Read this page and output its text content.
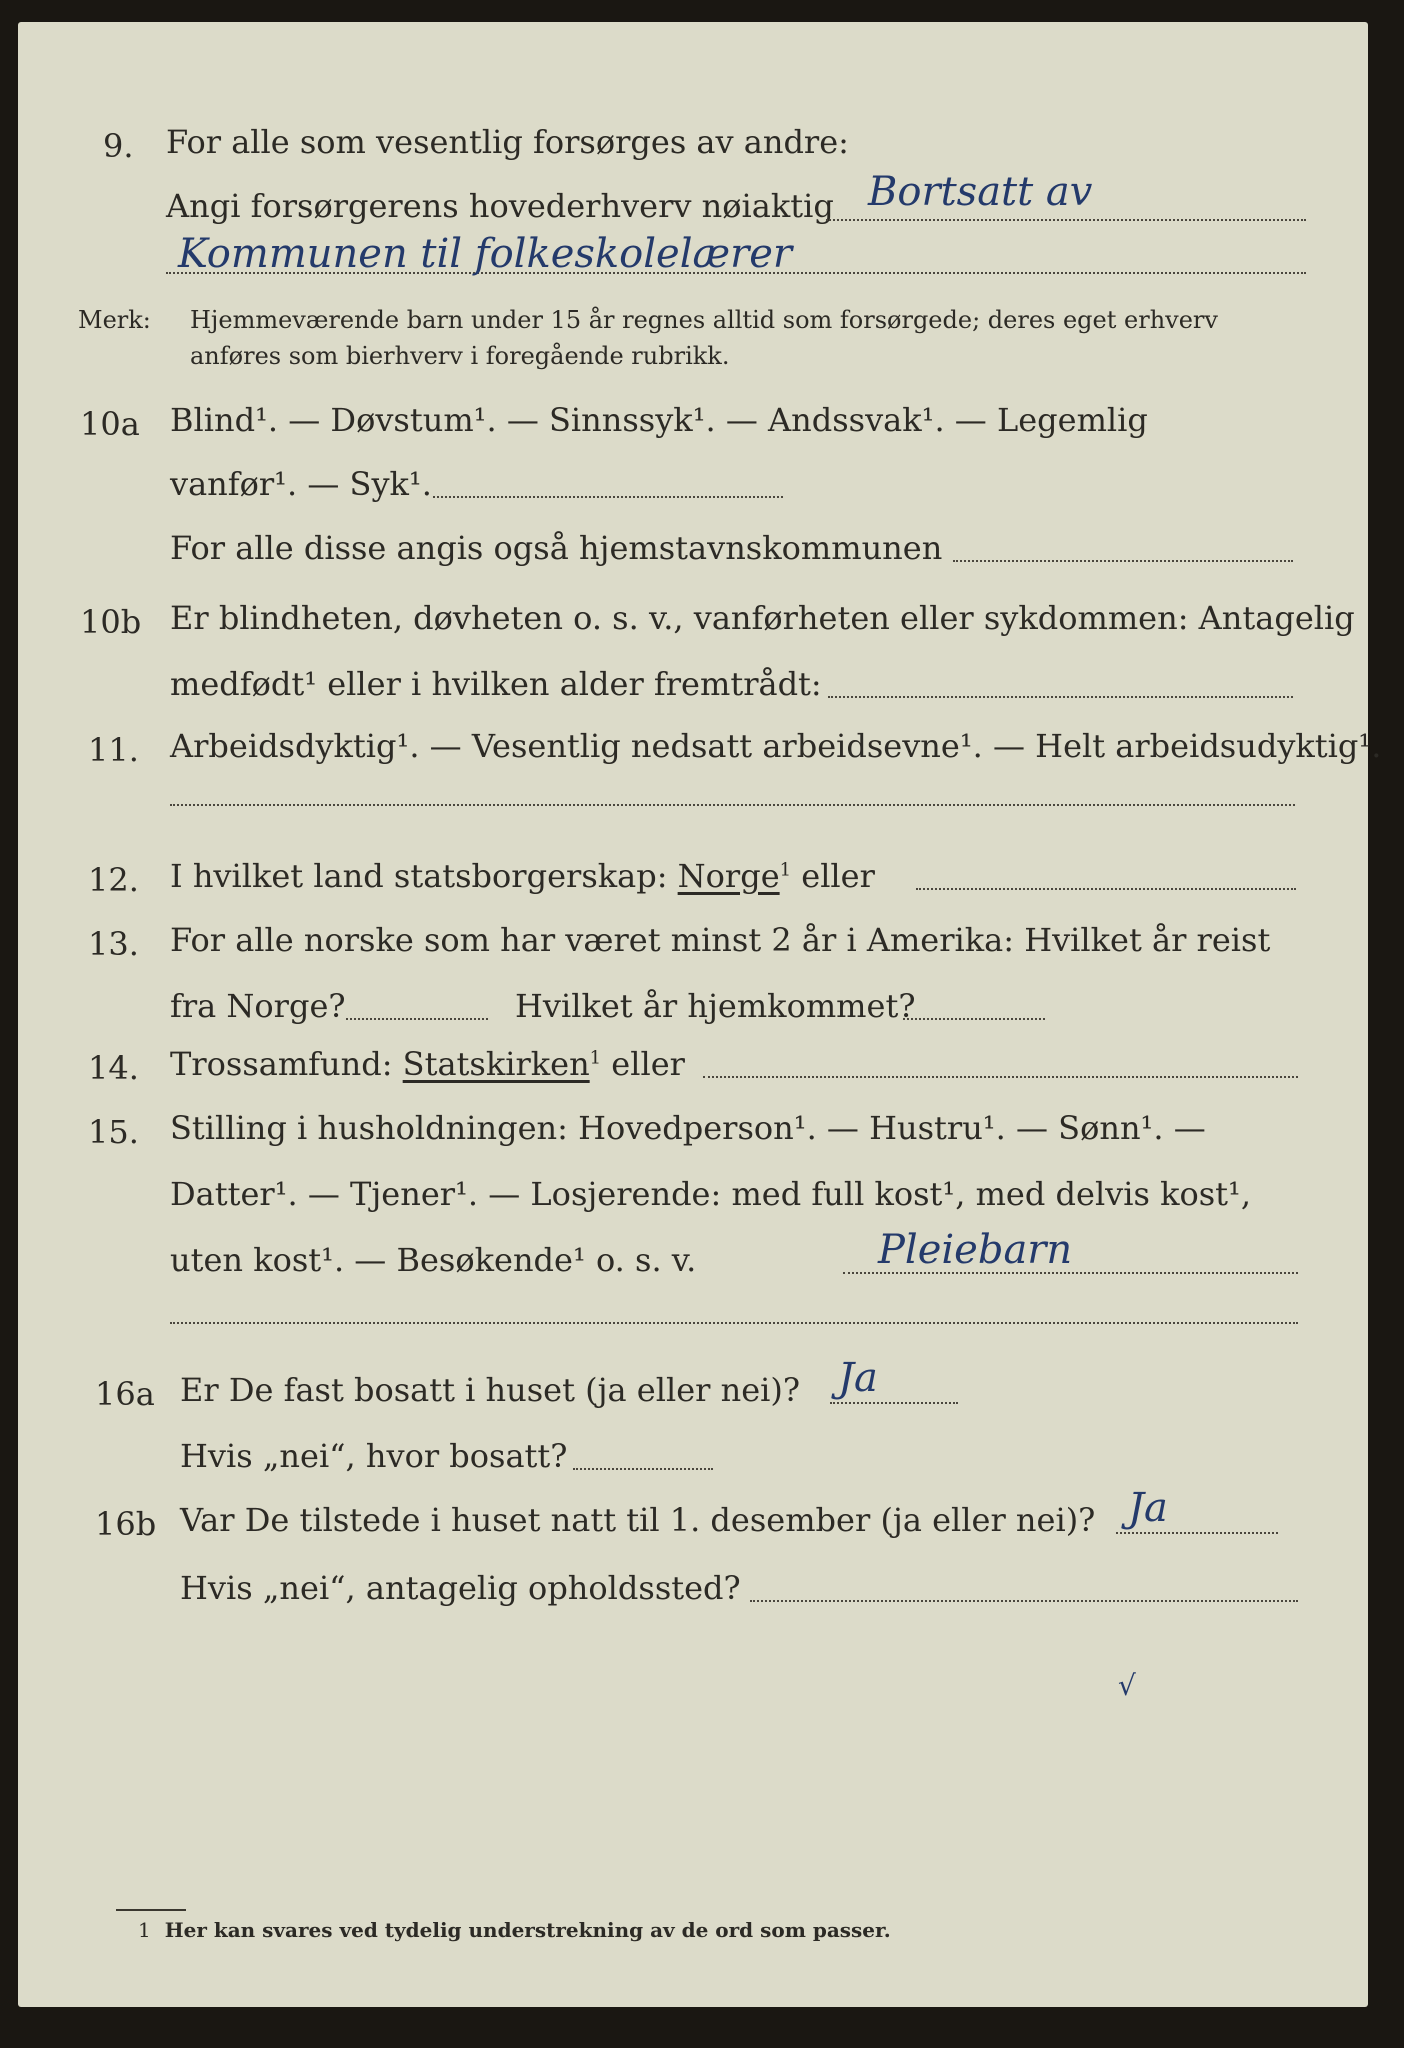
9. For alle som vesentlig forsørges av andre:
Angi forsørgerens hovederhverv nøiaktig Bortsatt av
Kommunen til folkeskolelærer
Merk: Hjemmeværende barn under 15 år regnes alltid som forsørgede; deres eget erhverv
anføres som bierhverv i foregående rubrikk.
10a Blind¹. — Døvstum¹. — Sinnssyk¹. — Andssvak¹. — Legemlig
vanfør¹. — Syk¹.
For alle disse angis også hjemstavnskommunen
10b Er blindheten, døvheten o. s. v., vanførheten eller sykdommen: Antagelig
medfødt¹ eller i hvilken alder fremtrådt:
11. Arbeidsdyktig¹. — Vesentlig nedsatt arbeidsevne¹. — Helt arbeidsudyktig¹.
12. I hvilket land statsborgerskap: Norge$^1$ eller
13. For alle norske som har været minst 2 år i Amerika: Hvilket år reist
fra Norge?	Hvilket år hjemkommet?
14. Trossamfund: Statskirken$^1$ eller
15. Stilling i husholdningen: Hovedperson¹. — Hustru¹. — Sønn¹. —
Datter¹. — Tjener¹. — Losjerende: med full kost¹, med delvis kost¹,
uten kost¹. — Besøkende¹ o. s. v.	Pleiebarn
16a Er De fast bosatt i huset (ja eller nei)? Ja
Hvis „nei“, hvor bosatt?
16b Var De tilstede i huset natt til 1. desember (ja eller nei)? Ja
Hvis „nei“, antagelig opholdssted?
√
1 Her kan svares ved tydelig understrekning av de ord som passer.
